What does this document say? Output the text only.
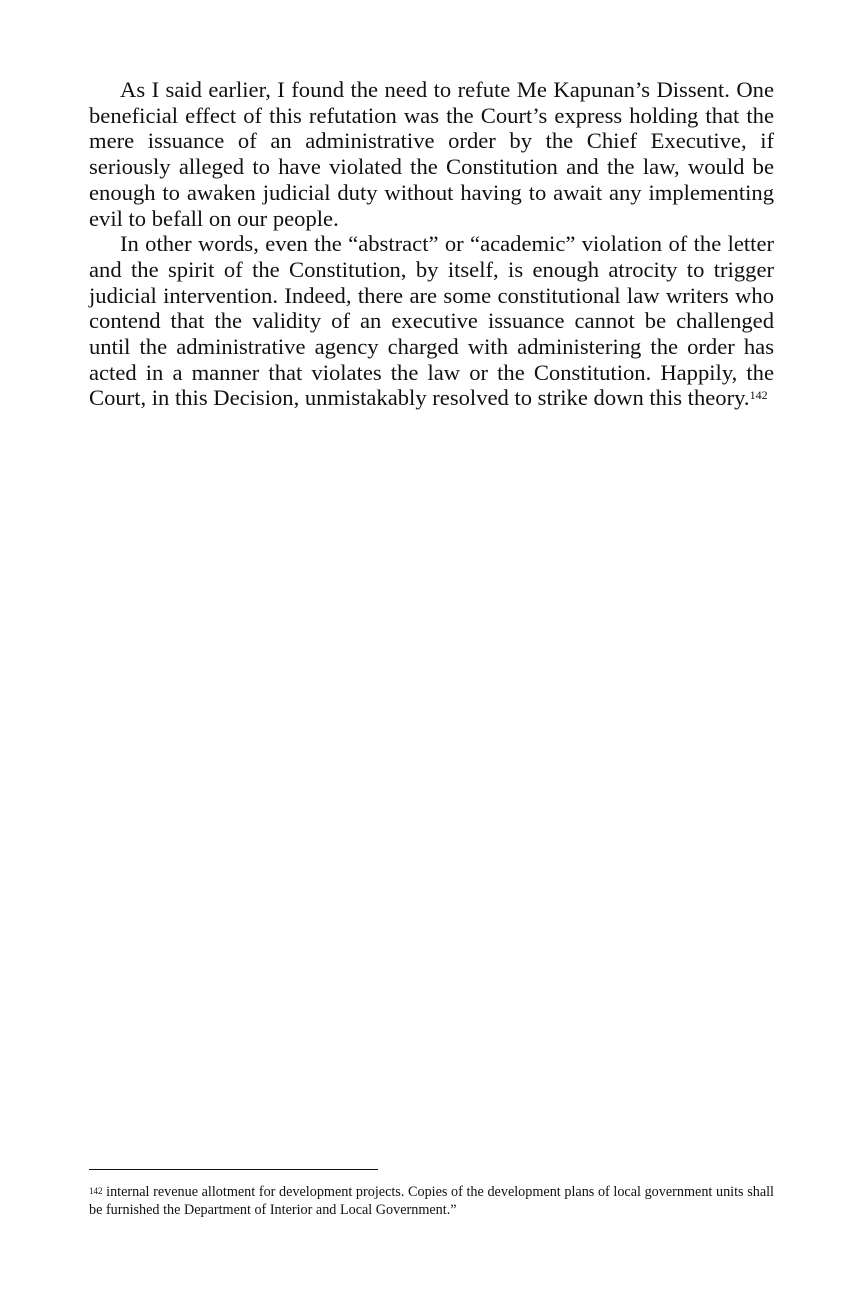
As I said earlier, I found the need to refute Me Kapunan’s Dissent. One beneficial effect of this refutation was the Court’s express holding that the mere issuance of an administrative order by the Chief Executive, if seriously alleged to have violated the Constitution and the law, would be enough to awaken judicial duty without having to await any implementing evil to befall on our people.

In other words, even the “abstract” or “academic” violation of the letter and the spirit of the Constitution, by itself, is enough atrocity to trigger judicial intervention. Indeed, there are some constitutional law writers who contend that the validity of an executive issuance cannot be challenged until the administrative agency charged with administering the order has acted in a manner that violates the law or the Constitution. Happily, the Court, in this Decision, unmistakably resolved to strike down this theory.$^{142}$

$^{142}$ internal revenue allotment for development projects. Copies of the development plans of local government units shall be furnished the Department of Interior and Local Government.”
